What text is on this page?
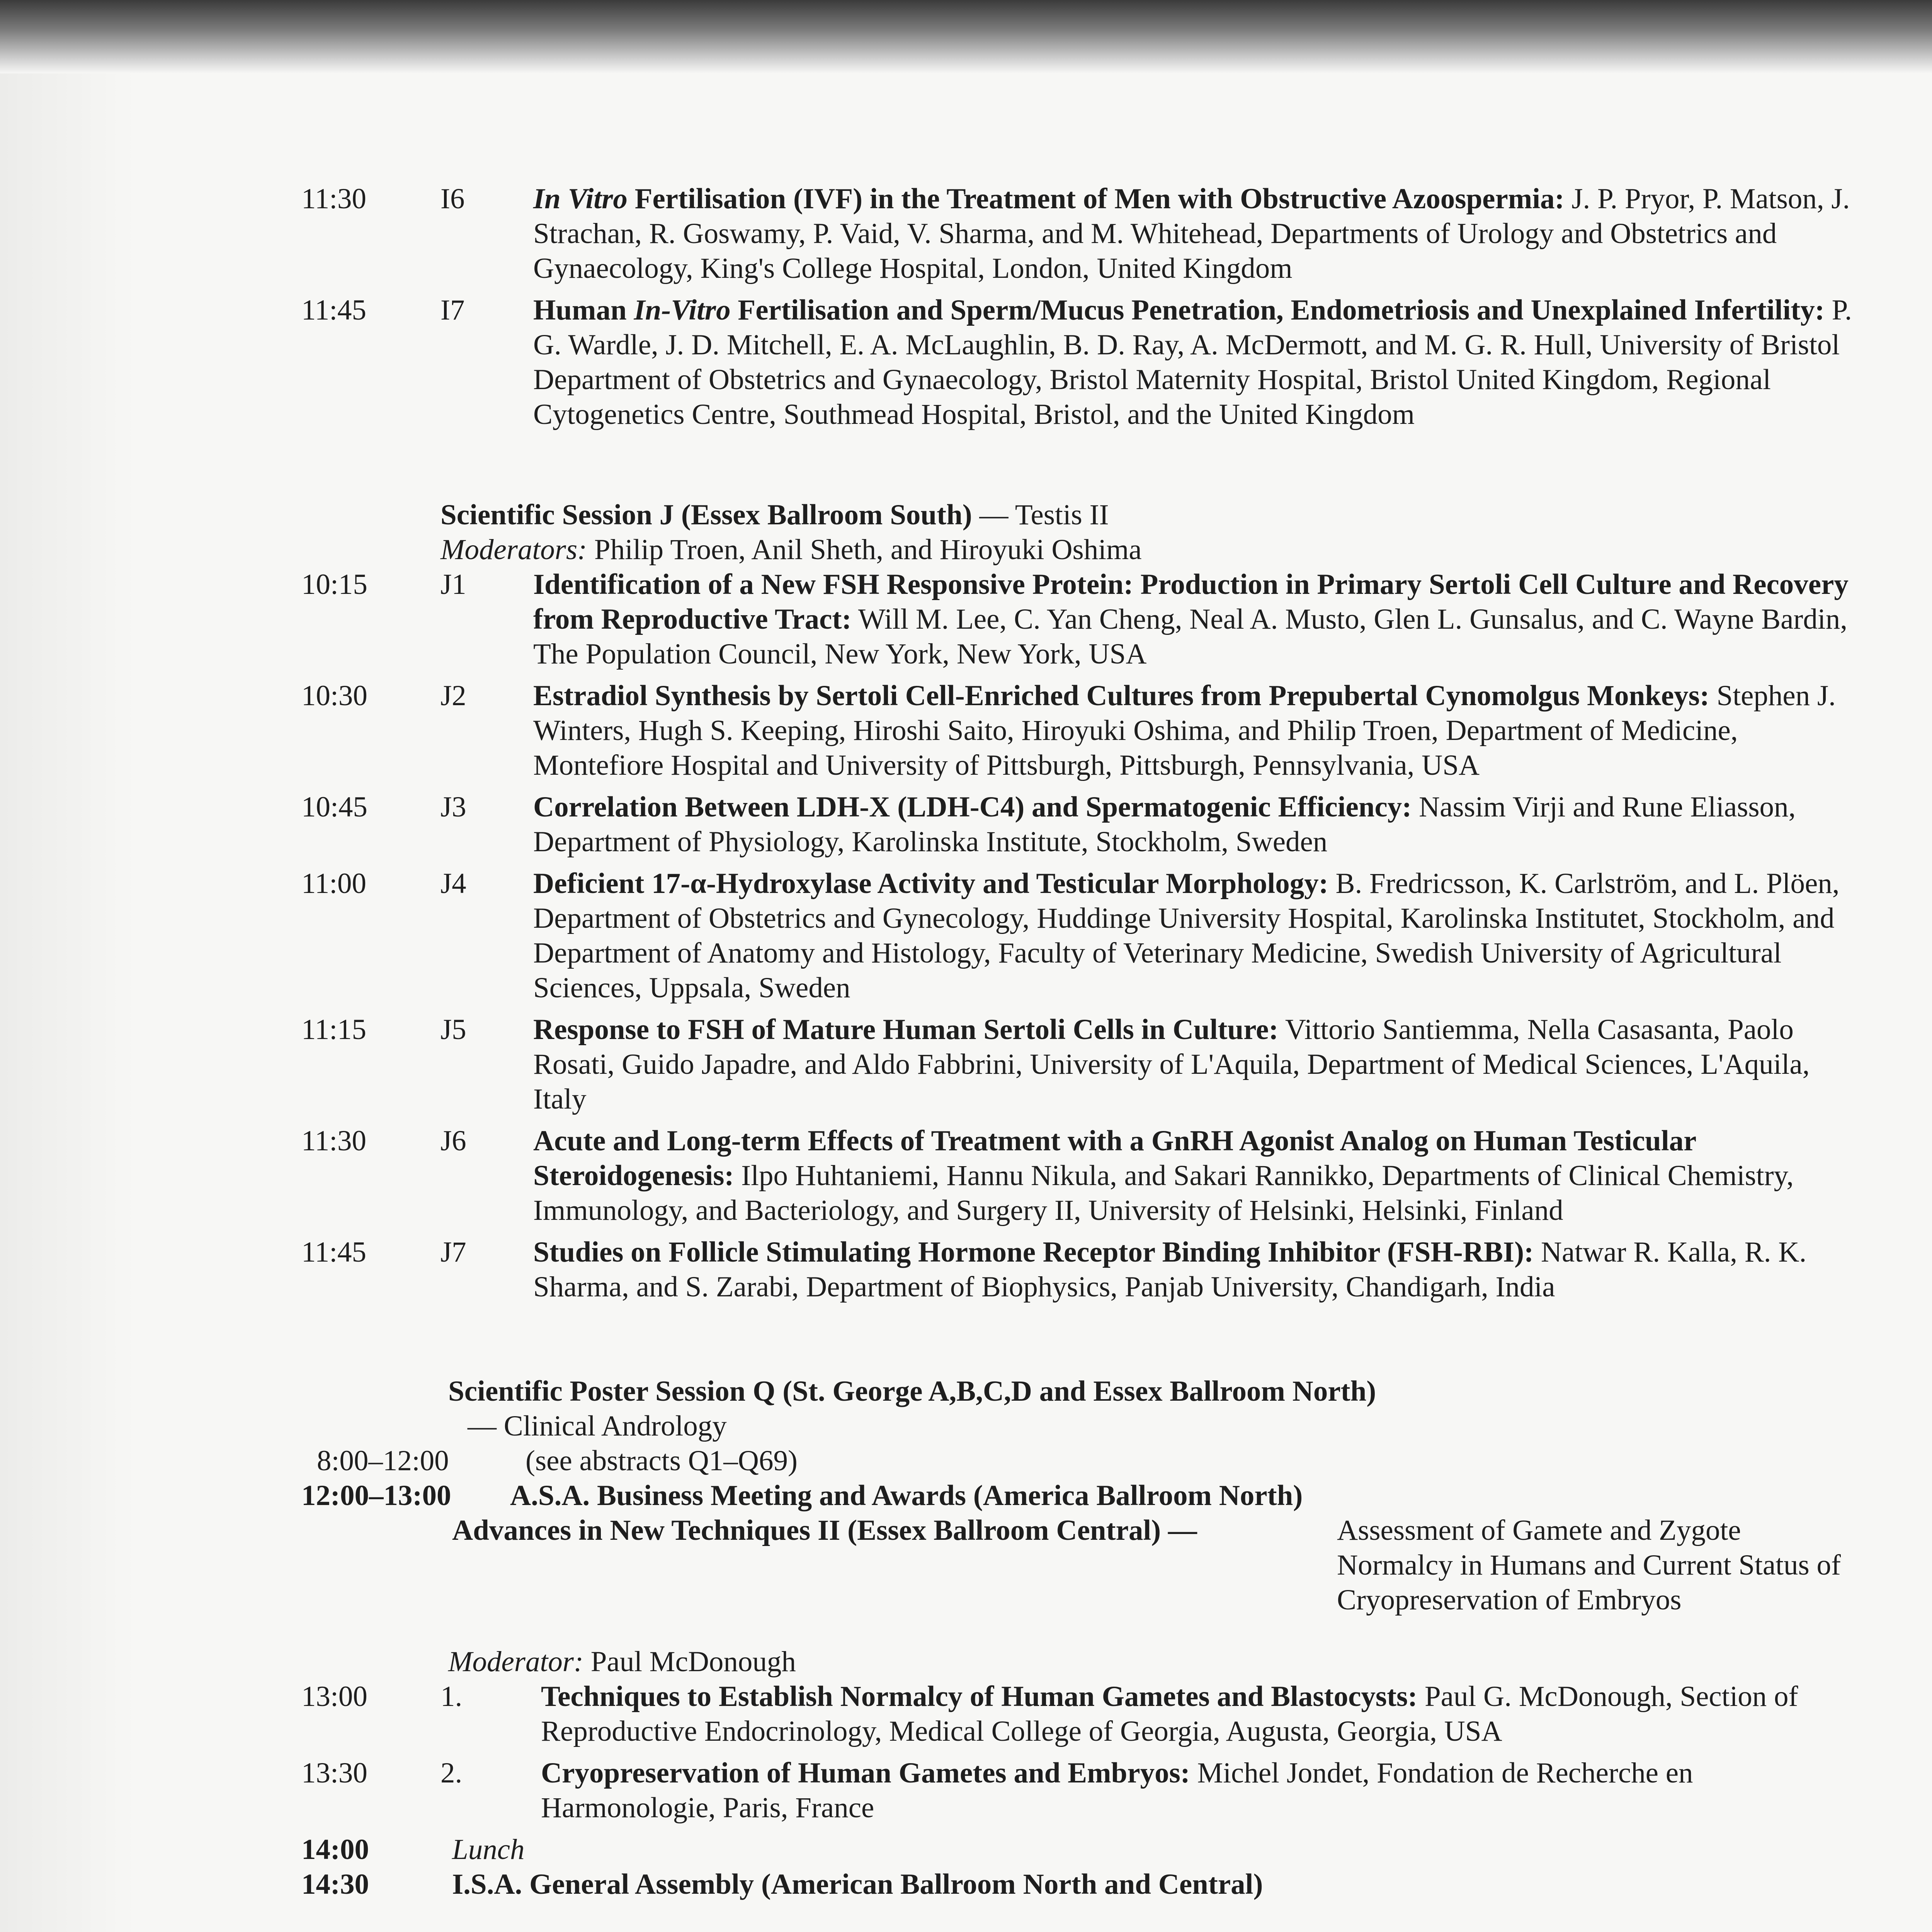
11:30	I6	In Vitro Fertilisation (IVF) in the Treatment of Men with Obstructive Azoospermia: J. P. Pryor, P. Matson, J. Strachan, R. Goswamy, P. Vaid, V. Sharma, and M. Whitehead, Departments of Urology and Obstetrics and Gynaecology, King's College Hospital, London, United Kingdom
11:45	I7	Human In-Vitro Fertilisation and Sperm/Mucus Penetration, Endometriosis and Unexplained Infertility: P. G. Wardle, J. D. Mitchell, E. A. McLaughlin, B. D. Ray, A. McDermott, and M. G. R. Hull, University of Bristol Department of Obstetrics and Gynaecology, Bristol Maternity Hospital, Bristol United Kingdom, Regional Cytogenetics Centre, Southmead Hospital, Bristol, and the United Kingdom
Scientific Session J (Essex Ballroom South) — Testis II
Moderators: Philip Troen, Anil Sheth, and Hiroyuki Oshima
10:15	J1	Identification of a New FSH Responsive Protein: Production in Primary Sertoli Cell Culture and Recovery from Reproductive Tract: Will M. Lee, C. Yan Cheng, Neal A. Musto, Glen L. Gunsalus, and C. Wayne Bardin, The Population Council, New York, New York, USA
10:30	J2	Estradiol Synthesis by Sertoli Cell-Enriched Cultures from Prepubertal Cynomolgus Monkeys: Stephen J. Winters, Hugh S. Keeping, Hiroshi Saito, Hiroyuki Oshima, and Philip Troen, Department of Medicine, Montefiore Hospital and University of Pittsburgh, Pittsburgh, Pennsylvania, USA
10:45	J3	Correlation Between LDH-X (LDH-C4) and Spermatogenic Efficiency: Nassim Virji and Rune Eliasson, Department of Physiology, Karolinska Institute, Stockholm, Sweden
11:00	J4	Deficient 17-α-Hydroxylase Activity and Testicular Morphology: B. Fredricsson, K. Carlström, and L. Plöen, Department of Obstetrics and Gynecology, Huddinge University Hospital, Karolinska Institutet, Stockholm, and Department of Anatomy and Histology, Faculty of Veterinary Medicine, Swedish University of Agricultural Sciences, Uppsala, Sweden
11:15	J5	Response to FSH of Mature Human Sertoli Cells in Culture: Vittorio Santiemma, Nella Casasanta, Paolo Rosati, Guido Japadre, and Aldo Fabbrini, University of L'Aquila, Department of Medical Sciences, L'Aquila, Italy
11:30	J6	Acute and Long-term Effects of Treatment with a GnRH Agonist Analog on Human Testicular Steroidogenesis: Ilpo Huhtaniemi, Hannu Nikula, and Sakari Rannikko, Departments of Clinical Chemistry, Immunology, and Bacteriology, and Surgery II, University of Helsinki, Helsinki, Finland
11:45	J7	Studies on Follicle Stimulating Hormone Receptor Binding Inhibitor (FSH-RBI): Natwar R. Kalla, R. K. Sharma, and S. Zarabi, Department of Biophysics, Panjab University, Chandigarh, India
Scientific Poster Session Q (St. George A,B,C,D and Essex Ballroom North)
— Clinical Andrology
8:00–12:00	(see abstracts Q1–Q69)
12:00–13:00	A.S.A. Business Meeting and Awards (America Ballroom North)
Advances in New Techniques II (Essex Ballroom Central) —	Assessment of Gamete and Zygote Normalcy in Humans and Current Status of Cryopreservation of Embryos
Moderator: Paul McDonough
13:00	1.	Techniques to Establish Normalcy of Human Gametes and Blastocysts: Paul G. McDonough, Section of Reproductive Endocrinology, Medical College of Georgia, Augusta, Georgia, USA
13:30	2.	Cryopreservation of Human Gametes and Embryos: Michel Jondet, Fondation de Recherche en Harmonologie, Paris, France
14:00	Lunch
14:30	I.S.A. General Assembly (American Ballroom North and Central)
